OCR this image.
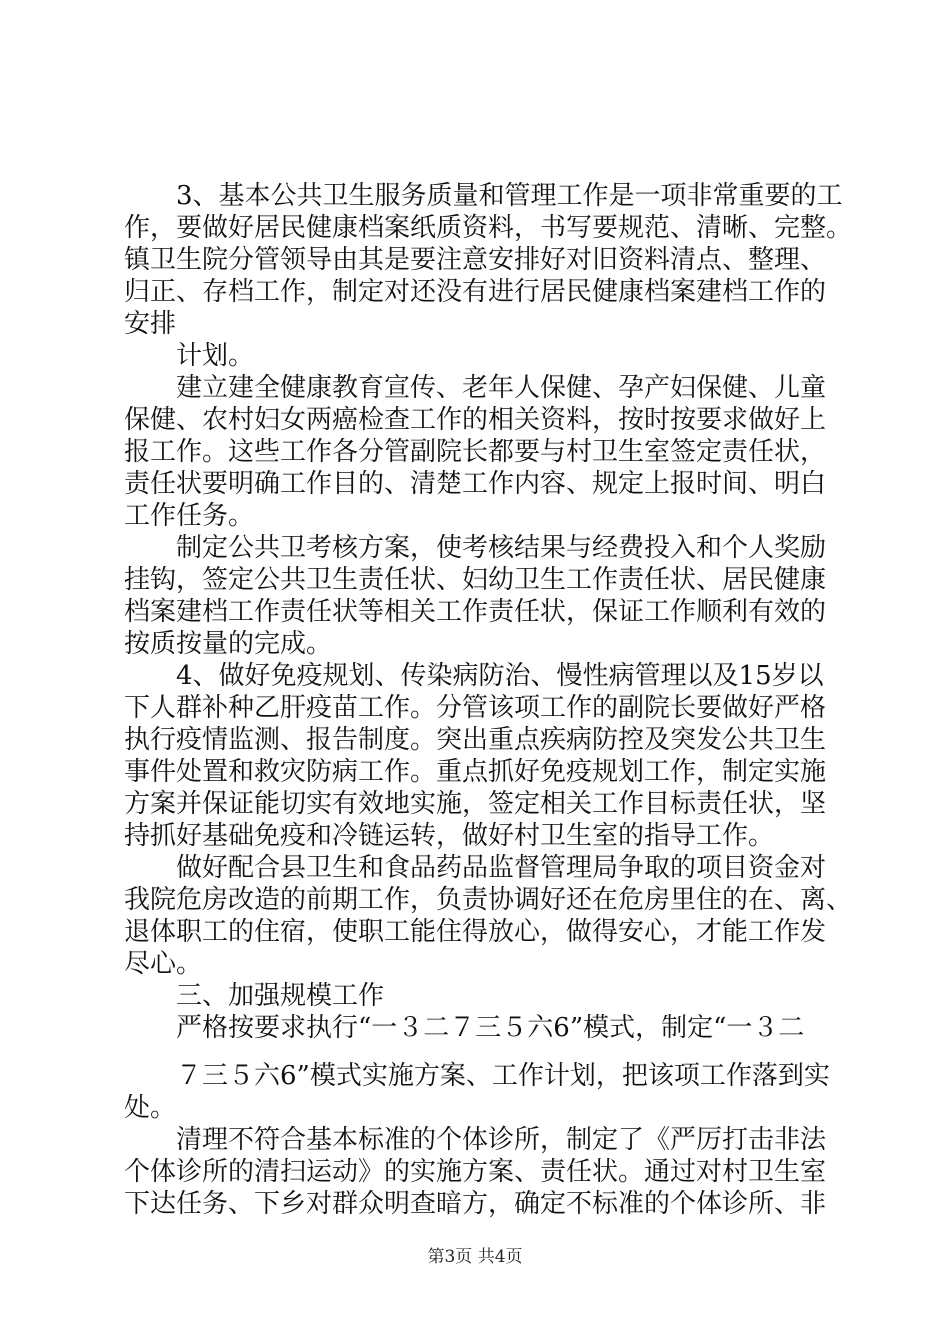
3、基本公共卫生服务质量和管理工作是一项非常重要的工
作，要做好居民健康档案纸质资料，书写要规范、清晰、完整。
镇卫生院分管领导由其是要注意安排好对旧资料清点、整理、
归正、存档工作，制定对还没有进行居民健康档案建档工作的
安排
计划。
建立建全健康教育宣传、老年人保健、孕产妇保健、儿童
保健、农村妇女两癌检查工作的相关资料，按时按要求做好上
报工作。这些工作各分管副院长都要与村卫生室签定责任状，
责任状要明确工作目的、清楚工作内容、规定上报时间、明白
工作任务。
制定公共卫考核方案，使考核结果与经费投入和个人奖励
挂钩，签定公共卫生责任状、妇幼卫生工作责任状、居民健康
档案建档工作责任状等相关工作责任状，保证工作顺利有效的
按质按量的完成。
4、做好免疫规划、传染病防治、慢性病管理以及15岁以
下人群补种乙肝疫苗工作。分管该项工作的副院长要做好严格
执行疫情监测、报告制度。突出重点疾病防控及突发公共卫生
事件处置和救灾防病工作。重点抓好免疫规划工作，制定实施
方案并保证能切实有效地实施，签定相关工作目标责任状，坚
持抓好基础免疫和冷链运转，做好村卫生室的指导工作。
做好配合县卫生和食品药品监督管理局争取的项目资金对
我院危房改造的前期工作，负责协调好还在危房里住的在、离、
退体职工的住宿，使职工能住得放心，做得安心，才能工作发
尽心。
三、加强规模工作
严格按要求执行“一３二７三５六6”模式，制定“一３二
７三５六6”模式实施方案、工作计划，把该项工作落到实
处。
清理不符合基本标准的个体诊所，制定了《严厉打击非法
个体诊所的清扫运动》的实施方案、责任状。通过对村卫生室
下达任务、下乡对群众明查暗方，确定不标准的个体诊所、非
第3页 共4页
